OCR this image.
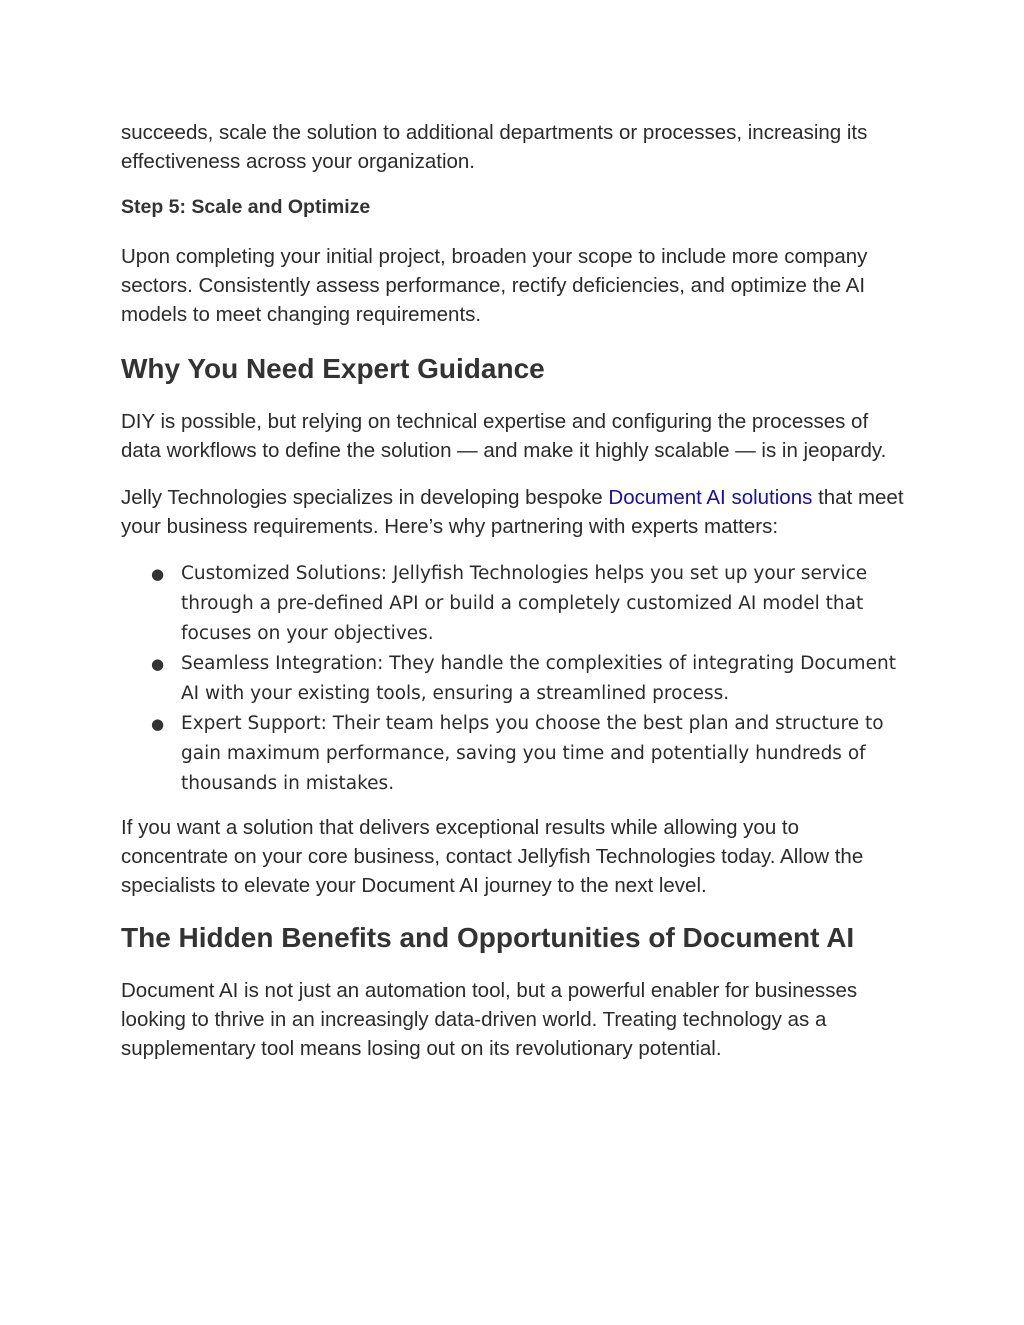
succeeds, scale the solution to additional departments or processes, increasing its effectiveness across your organization.

Step 5: Scale and Optimize

Upon completing your initial project, broaden your scope to include more company sectors. Consistently assess performance, rectify deficiencies, and optimize the AI models to meet changing requirements.

Why You Need Expert Guidance

DIY is possible, but relying on technical expertise and configuring the processes of data workflows to define the solution — and make it highly scalable — is in jeopardy.

Jelly Technologies specializes in developing bespoke Document AI solutions that meet your business requirements. Here’s why partnering with experts matters:

● Customized Solutions: Jellyfish Technologies helps you set up your service through a pre-defined API or build a completely customized AI model that focuses on your objectives.
● Seamless Integration: They handle the complexities of integrating Document AI with your existing tools, ensuring a streamlined process.
● Expert Support: Their team helps you choose the best plan and structure to gain maximum performance, saving you time and potentially hundreds of thousands in mistakes.

If you want a solution that delivers exceptional results while allowing you to concentrate on your core business, contact Jellyfish Technologies today. Allow the specialists to elevate your Document AI journey to the next level.

The Hidden Benefits and Opportunities of Document AI

Document AI is not just an automation tool, but a powerful enabler for businesses looking to thrive in an increasingly data-driven world. Treating technology as a supplementary tool means losing out on its revolutionary potential.
